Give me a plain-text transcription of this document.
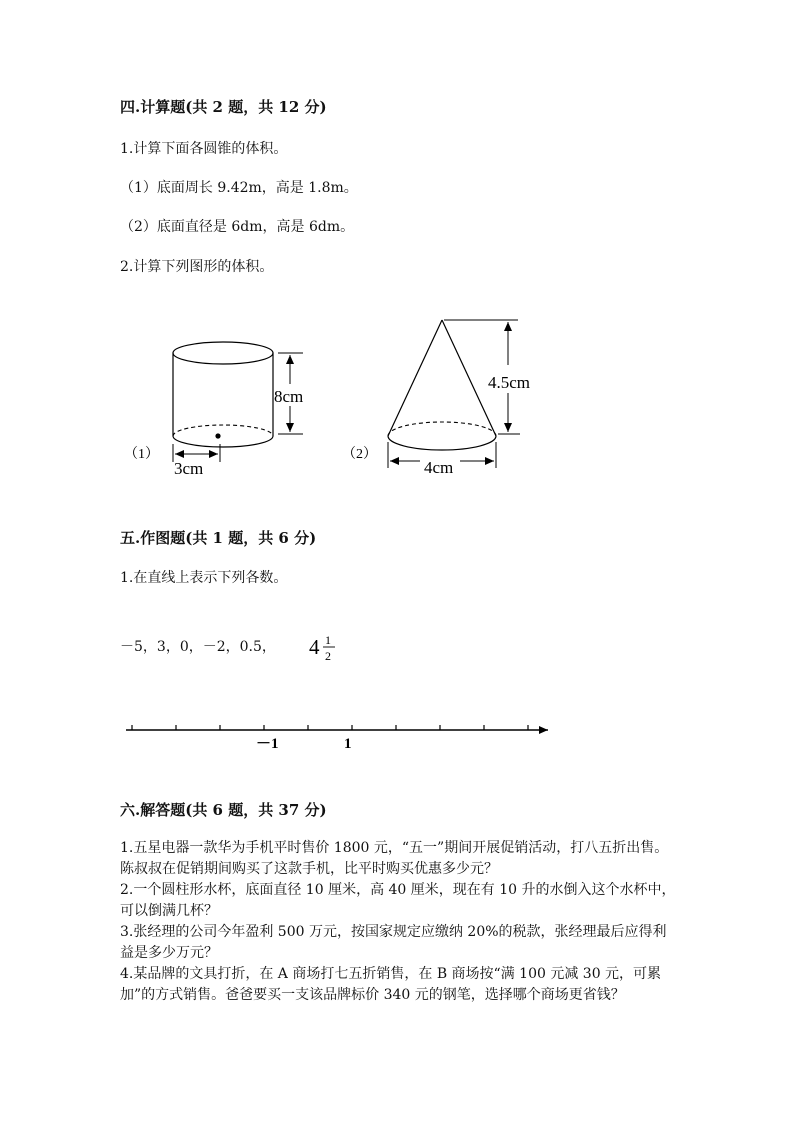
四.计算题(共 2 题，共 12 分)
1.计算下面各圆锥的体积。
（1）底面周长 9.42m，高是 1.8m。
（2）底面直径是 6dm，高是 6dm。
2.计算下列图形的体积。
（1）
8cm
3cm
（2）
4.5cm
4cm
五.作图题(共 1 题，共 6 分)
1.在直线上表示下列各数。
－5，3，0，－2，0.5， 4 1
2
－1	1
六.解答题(共 6 题，共 37 分)
1.五星电器一款华为手机平时售价 1800 元，“五一”期间开展促销活动，打八五折出售。陈叔叔在促销期间购买了这款手机，比平时购买优惠多少元？
2.一个圆柱形水杯，底面直径 10 厘米，高 40 厘米，现在有 10 升的水倒入这个水杯中，可以倒满几杯？
3.张经理的公司今年盈利 500 万元，按国家规定应缴纳 20%的税款，张经理最后应得利益是多少万元？
4.某品牌的文具打折，在 A 商场打七五折销售，在 B 商场按“满 100 元减 30 元，可累加”的方式销售。爸爸要买一支该品牌标价 340 元的钢笔，选择哪个商场更省钱？
